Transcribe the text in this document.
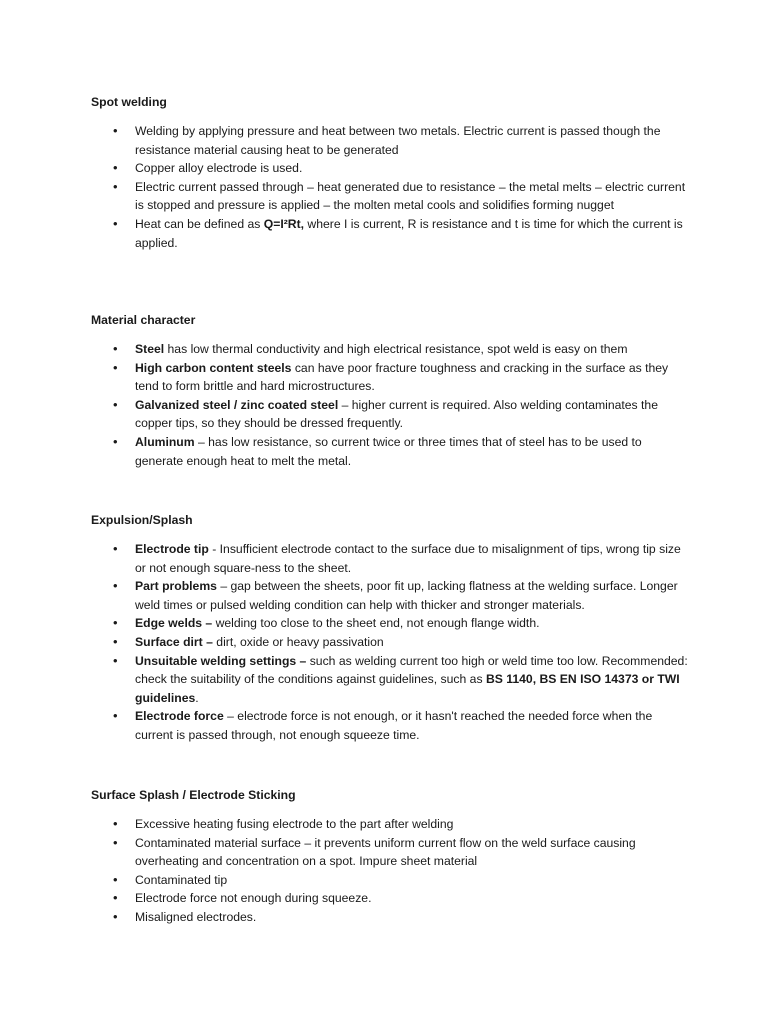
Spot welding
• Welding by applying pressure and heat between two metals. Electric current is passed though the resistance material causing heat to be generated
• Copper alloy electrode is used.
• Electric current passed through – heat generated due to resistance – the metal melts – electric current is stopped and pressure is applied – the molten metal cools and solidifies forming nugget
• Heat can be defined as Q=I²Rt, where I is current, R is resistance and t is time for which the current is applied.
Material character
• Steel has low thermal conductivity and high electrical resistance, spot weld is easy on them
• High carbon content steels can have poor fracture toughness and cracking in the surface as they tend to form brittle and hard microstructures.
• Galvanized steel / zinc coated steel – higher current is required. Also welding contaminates the copper tips, so they should be dressed frequently.
• Aluminum – has low resistance, so current twice or three times that of steel has to be used to generate enough heat to melt the metal.
Expulsion/Splash
• Electrode tip - Insufficient electrode contact to the surface due to misalignment of tips, wrong tip size or not enough square-ness to the sheet.
• Part problems – gap between the sheets, poor fit up, lacking flatness at the welding surface. Longer weld times or pulsed welding condition can help with thicker and stronger materials.
• Edge welds – welding too close to the sheet end, not enough flange width.
• Surface dirt – dirt, oxide or heavy passivation
• Unsuitable welding settings – such as welding current too high or weld time too low. Recommended: check the suitability of the conditions against guidelines, such as BS 1140, BS EN ISO 14373 or TWI guidelines.
• Electrode force – electrode force is not enough, or it hasn't reached the needed force when the current is passed through, not enough squeeze time.
Surface Splash / Electrode Sticking
• Excessive heating fusing electrode to the part after welding
• Contaminated material surface – it prevents uniform current flow on the weld surface causing overheating and concentration on a spot. Impure sheet material
• Contaminated tip
• Electrode force not enough during squeeze.
• Misaligned electrodes.
